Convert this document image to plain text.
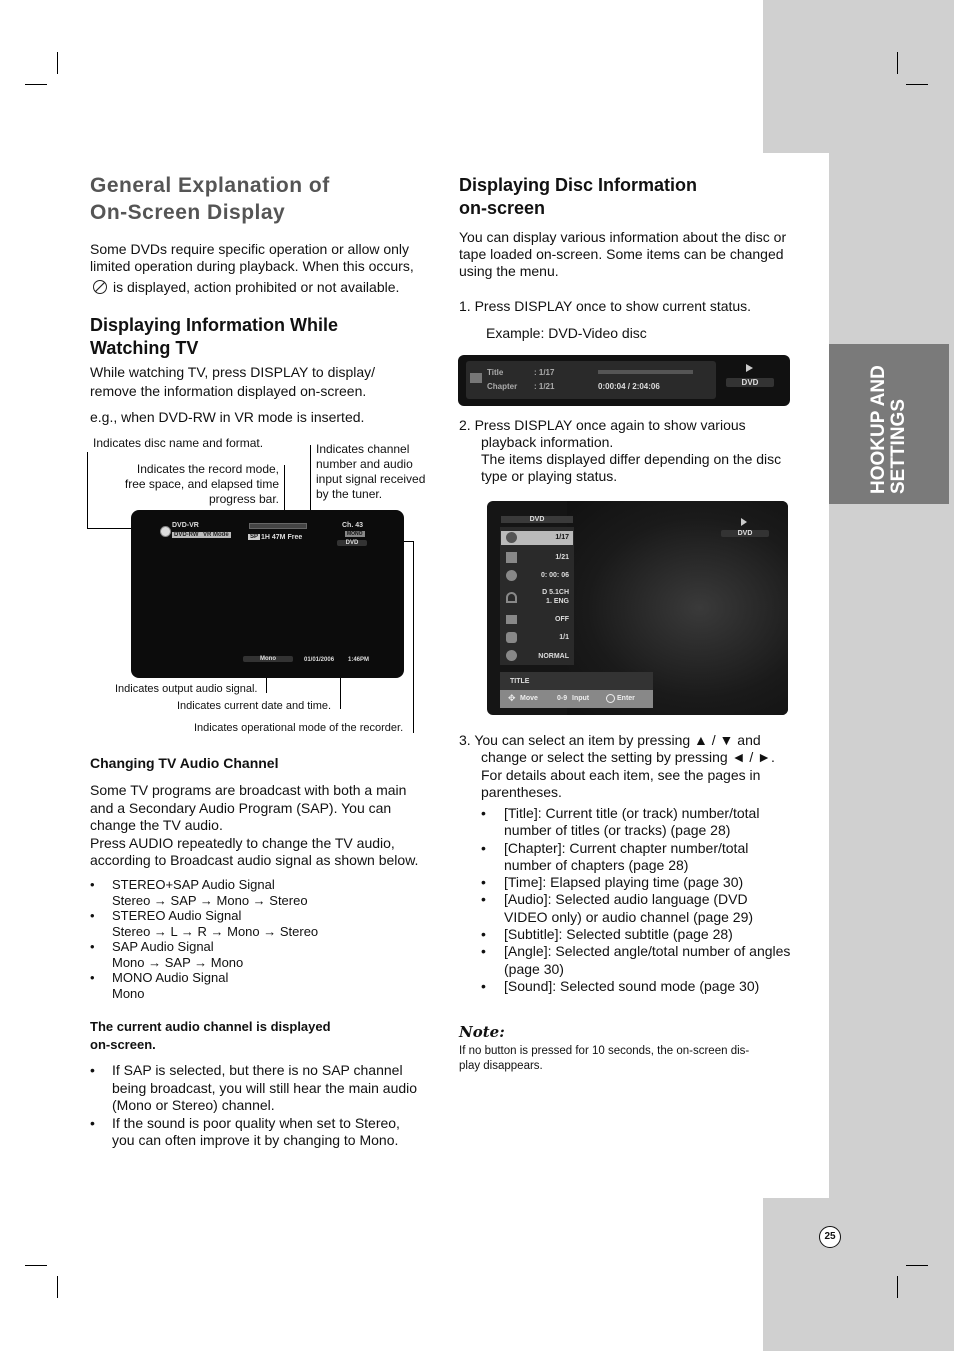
HOOKUP AND SETTINGS
General Explanation of
On-Screen Display
Some DVDs require specific operation or allow only
limited operation during playback. When this occurs,
is displayed, action prohibited or not available.
Displaying Information While
Watching TV
While watching TV, press DISPLAY to display/
remove the information displayed on-screen.
e.g., when DVD-RW in VR mode is inserted.
Indicates disc name and format.
Indicates the record mode,
free space, and elapsed time
progress bar.
Indicates channel
number and audio
input signal received
by the tuner.
Indicates output audio signal.
Indicates current date and time.
Indicates operational mode of the recorder.
DVD-VR
DVD-RW VR Mode	SP 1H 47M Free
Ch. 43
MONO
DVD
Mono	01/01/2006 1:46PM
Changing TV Audio Channel
Some TV programs are broadcast with both a main
and a Secondary Audio Program (SAP). You can
change the TV audio.
Press AUDIO repeatedly to change the TV audio,
according to Broadcast audio signal as shown below.
• STEREO+SAP Audio Signal
Stereo → SAP → Mono → Stereo
• STEREO Audio Signal
Stereo → L → R → Mono → Stereo
• SAP Audio Signal
Mono → SAP → Mono
• MONO Audio Signal
Mono
The current audio channel is displayed
on-screen.
• If SAP is selected, but there is no SAP channel
being broadcast, you will still hear the main audio
(Mono or Stereo) channel.
• If the sound is poor quality when set to Stereo,
you can often improve it by changing to Mono.
Displaying Disc Information
on-screen
You can display various information about the disc or
tape loaded on-screen. Some items can be changed
using the menu.
1. Press DISPLAY once to show current status.
Example: DVD-Video disc
Title	: 1/17
Chapter : 1/21	0:00:04 / 2:04:06	DVD
2. Press DISPLAY once again to show various
playback information.
The items displayed differ depending on the disc
type or playing status.
DVD
1/17
1/21
0: 00: 06
D 5.1CH
1. ENG
OFF
1/1
NORMAL
DVD
TITLE
✥ Move	0-9 Input	Enter
3. You can select an item by pressing ▲ / ▼ and
change or select the setting by pressing ◄ / ►.
For details about each item, see the pages in
parentheses.
• [Title]: Current title (or track) number/total
number of titles (or tracks) (page 28)
• [Chapter]: Current chapter number/total
number of chapters (page 28)
• [Time]: Elapsed playing time (page 30)
• [Audio]: Selected audio language (DVD
VIDEO only) or audio channel (page 29)
• [Subtitle]: Selected subtitle (page 28)
• [Angle]: Selected angle/total number of angles
(page 30)
• [Sound]: Selected sound mode (page 30)
Note:
If no button is pressed for 10 seconds, the on-screen dis-
play disappears.
25
